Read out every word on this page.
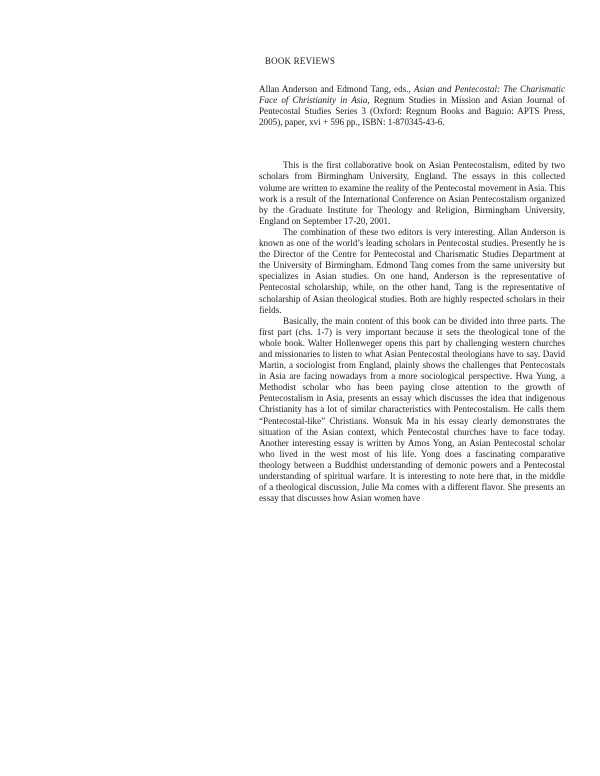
BOOK REVIEWS

Allan Anderson and Edmond Tang, eds., Asian and Pentecostal: The Charismatic Face of Christianity in Asia, Regnum Studies in Mission and Asian Journal of Pentecostal Studies Series 3 (Oxford: Regnum Books and Baguio: APTS Press, 2005), paper, xvi + 596 pp., ISBN: 1-870345-43-6.

This is the first collaborative book on Asian Pentecostalism, edited by two scholars from Birmingham University, England. The essays in this collected volume are written to examine the reality of the Pentecostal movement in Asia. This work is a result of the International Conference on Asian Pentecostalism organized by the Graduate Institute for Theology and Religion, Birmingham University, England on September 17-20, 2001.

The combination of these two editors is very interesting. Allan Anderson is known as one of the world’s leading scholars in Pentecostal studies. Presently he is the Director of the Centre for Pentecostal and Charismatic Studies Department at the University of Birmingham. Edmond Tang comes from the same university but specializes in Asian studies. On one hand, Anderson is the representative of Pentecostal scholarship, while, on the other hand, Tang is the representative of scholarship of Asian theological studies. Both are highly respected scholars in their fields.

Basically, the main content of this book can be divided into three parts. The first part (chs. 1-7) is very important because it sets the theological tone of the whole book. Walter Hollenweger opens this part by challenging western churches and missionaries to listen to what Asian Pentecostal theologians have to say. David Martin, a sociologist from England, plainly shows the challenges that Pentecostals in Asia are facing nowadays from a more sociological perspective. Hwa Yung, a Methodist scholar who has been paying close attention to the growth of Pentecostalism in Asia, presents an essay which discusses the idea that indigenous Christianity has a lot of similar characteristics with Pentecostalism. He calls them “Pentecostal-like” Christians. Wonsuk Ma in his essay clearly demonstrates the situation of the Asian context, which Pentecostal churches have to face today. Another interesting essay is written by Amos Yong, an Asian Pentecostal scholar who lived in the west most of his life. Yong does a fascinating comparative theology between a Buddhist understanding of demonic powers and a Pentecostal understanding of spiritual warfare. It is interesting to note here that, in the middle of a theological discussion, Julie Ma comes with a different flavor. She presents an essay that discusses how Asian women have
